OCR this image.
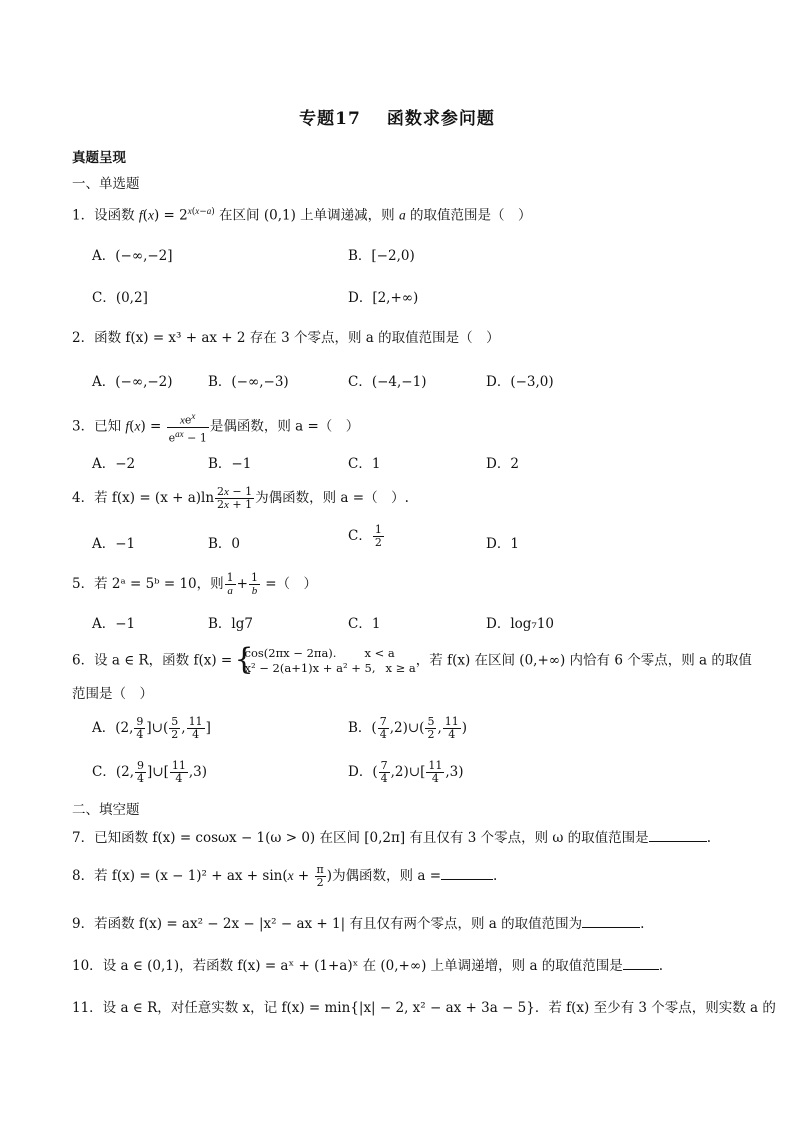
专题17 函数求参问题
真题呈现
一、单选题
1．设函数 $f(x) = 2^{x(x-a)}$ 在区间 (0,1) 上单调递减，则 a 的取值范围是（　）
A．(−∞,−2]	B．[−2,0)
C．(0,2]	D．[2,+∞)
2．函数 f(x) = x³ + ax + 2 存在 3 个零点，则 a 的取值范围是（　）
A．(−∞,−2)	B．(−∞,−3)	C．(−4,−1)	D．(−3,0)
3．已知 $f(x) = \frac{xe^x}{e^{ax} - 1}$ 是偶函数，则 a =（　）
A．−2	B．−1	C．1	D．2
4．若 $f(x) = (x + a)\ln \frac{2x - 1}{2x + 1}$ 为偶函数，则 a =（　）.
A．−1	B．0	C． $\frac{1}{2}$	D．1
5．若 2ᵃ = 5ᵇ = 10，则 $\frac{1}{a} + \frac{1}{b}$ =（　）
A．−1	B．lg7	C．1	D．log₇10
6．设 a ∈ R，函数 f(x) =
{ cos(2πx − 2πa). x < a
x² − 2(a+1)x + a² + 5, x ≥ a ，若 f(x) 在区间 (0,+∞) 内恰有 6 个零点，则 a 的取值
范围是（　）
A．(2, $\frac{9}{4}$ ]∪( $\frac{5}{2}$ , $\frac{11}{4}$ ]	B．( $\frac{7}{4}$ ,2)∪( $\frac{5}{2}$ , $\frac{11}{4}$ )
C．(2, $\frac{9}{4}$ ]∪[ $\frac{11}{4} ,3$)	D．( $\frac{7}{4}$ ,2)∪[ $\frac{11}{4} ,3$)
二、填空题
7．已知函数 f(x) = cosωx − 1(ω > 0) 在区间 [0,2π] 有且仅有 3 个零点，则 ω 的取值范围是	.
8．若 f(x) = (x − 1)² + ax + $\sin(x + \frac{\pi}{2}$ )为偶函数，则 a =	.
9．若函数 f(x) = ax² − 2x − |x² − ax + 1| 有且仅有两个零点，则 a 的取值范围为	.
10．设 a ∈ (0,1)，若函数 f(x) = aˣ + (1+a)ˣ 在 (0,+∞) 上单调递增，则 a 的取值范围是	.
11．设 a ∈ R，对任意实数 x，记 f(x) = min{|x| − 2, x² − ax + 3a − 5}．若 f(x) 至少有 3 个零点，则实数 a 的
